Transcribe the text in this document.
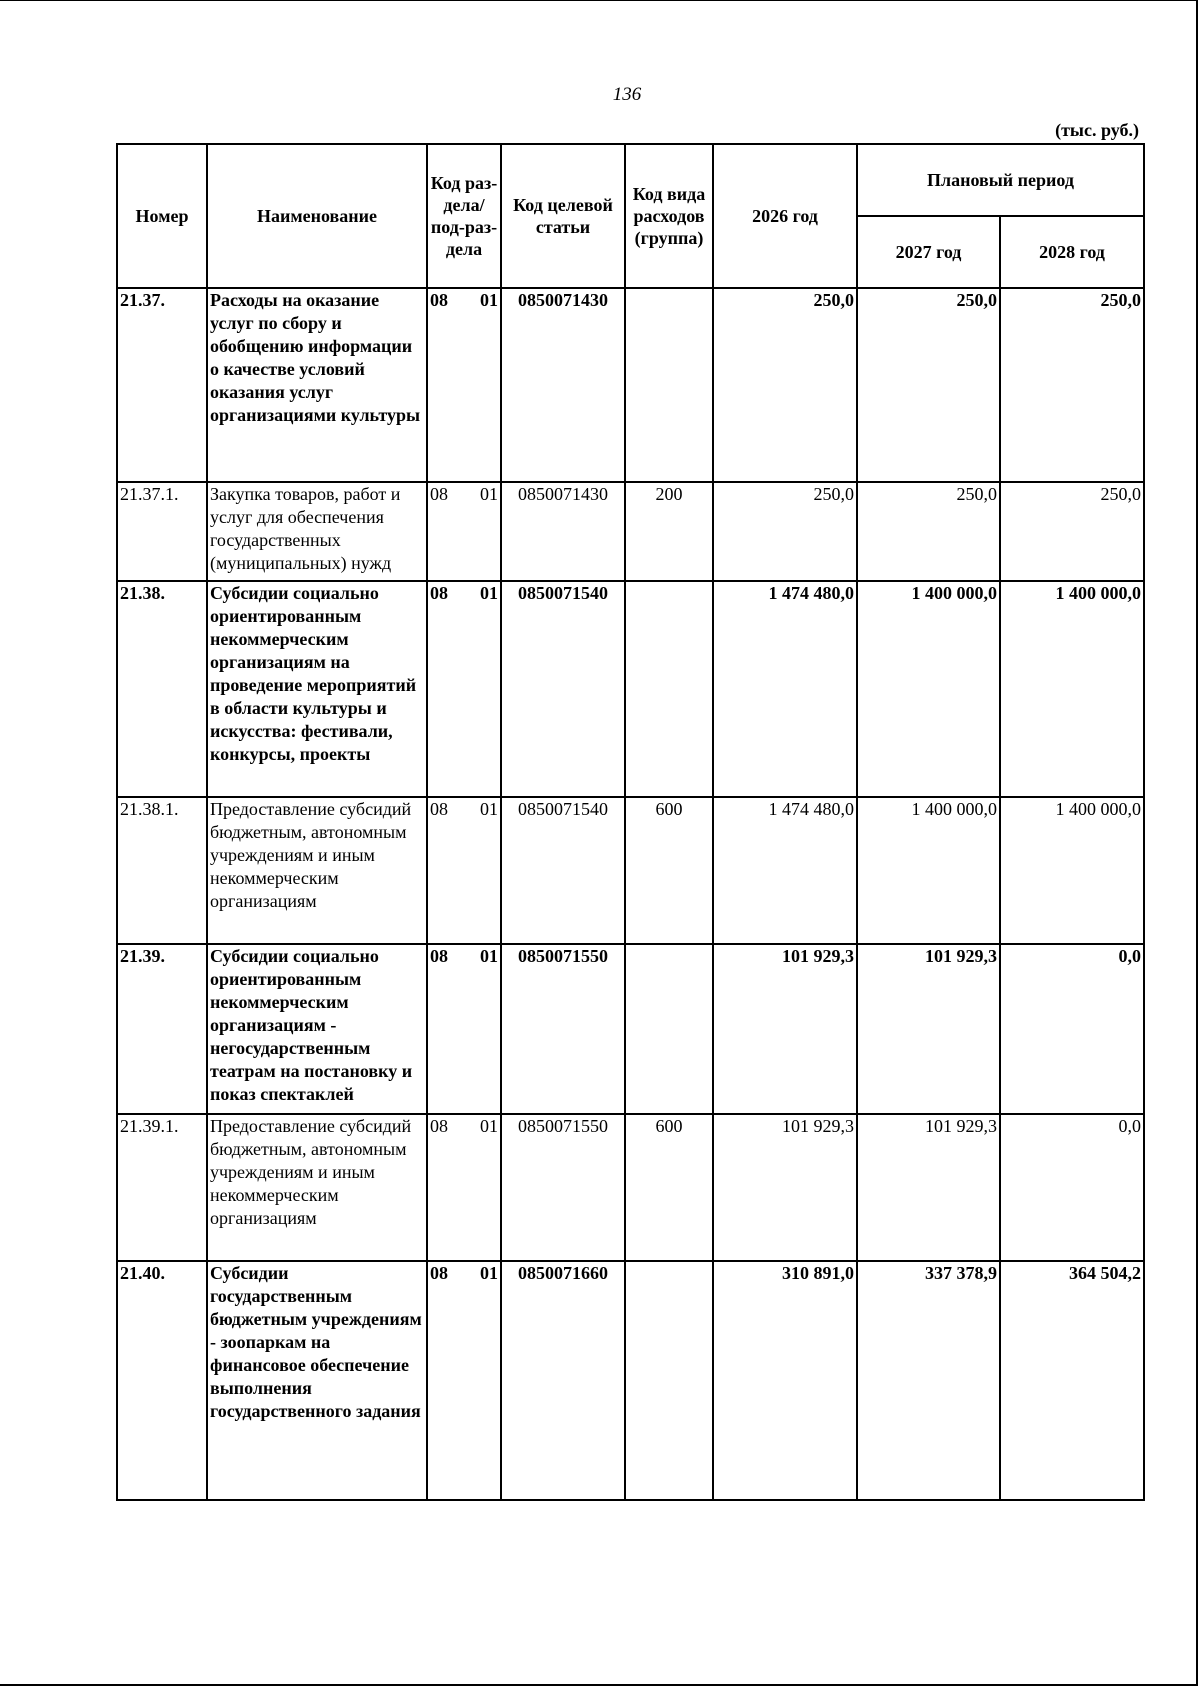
136
(тыс. руб.)
Номер	Наименование	Код раз-дела/ под-раз-дела	Код целевой статьи	Код вида расходов (группа)	2026 год	Плановый период	
						2027 год	2028 год
21.37.	Расходы на оказание услуг по сбору и обобщению информации о качестве условий оказания услуг организациями культуры	08 01	0850071430		250,0	250,0	250,0
21.37.1.	Закупка товаров, работ и услуг для обеспечения государственных (муниципальных) нужд	08 01	0850071430	200	250,0	250,0	250,0
21.38.	Субсидии социально ориентированным некоммерческим организациям на проведение мероприятий в области культуры и искусства: фестивали, конкурсы, проекты	08 01	0850071540		1 474 480,0	1 400 000,0	1 400 000,0
21.38.1.	Предоставление субсидий бюджетным, автономным учреждениям и иным некоммерческим организациям	08 01	0850071540	600	1 474 480,0	1 400 000,0	1 400 000,0
21.39.	Субсидии социально ориентированным некоммерческим организациям - негосударственным театрам на постановку и показ спектаклей	08 01	0850071550		101 929,3	101 929,3	0,0
21.39.1.	Предоставление субсидий бюджетным, автономным учреждениям и иным некоммерческим организациям	08 01	0850071550	600	101 929,3	101 929,3	0,0
21.40.	Субсидии государственным бюджетным учреждениям - зоопаркам на финансовое обеспечение выполнения государственного задания	08 01	0850071660		310 891,0	337 378,9	364 504,2
